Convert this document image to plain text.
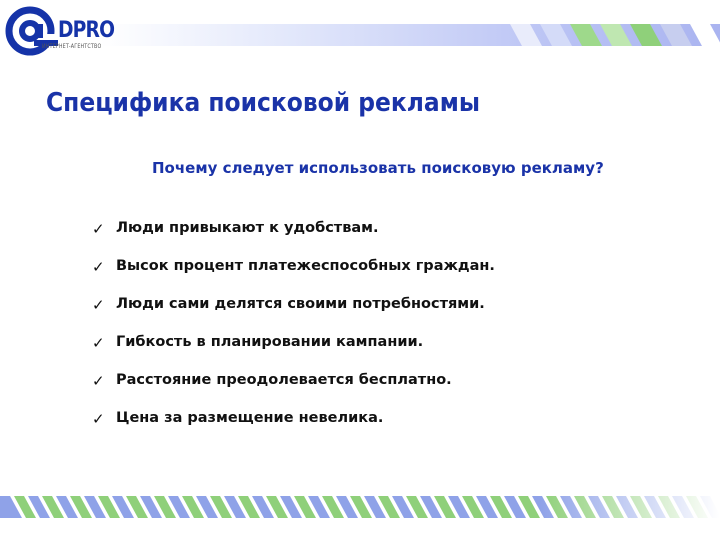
DPRO
ИНТЕРНЕТ-АГЕНТСТВО
Специфика поисковой рекламы
Почему следует использовать поисковую рекламу?
✓ Люди привыкают к удобствам.
✓ Высок процент платежеспособных граждан.
✓ Люди сами делятся своими потребностями.
✓ Гибкость в планировании кампании.
✓ Расстояние преодолевается бесплатно.
✓ Цена за размещение невелика.
